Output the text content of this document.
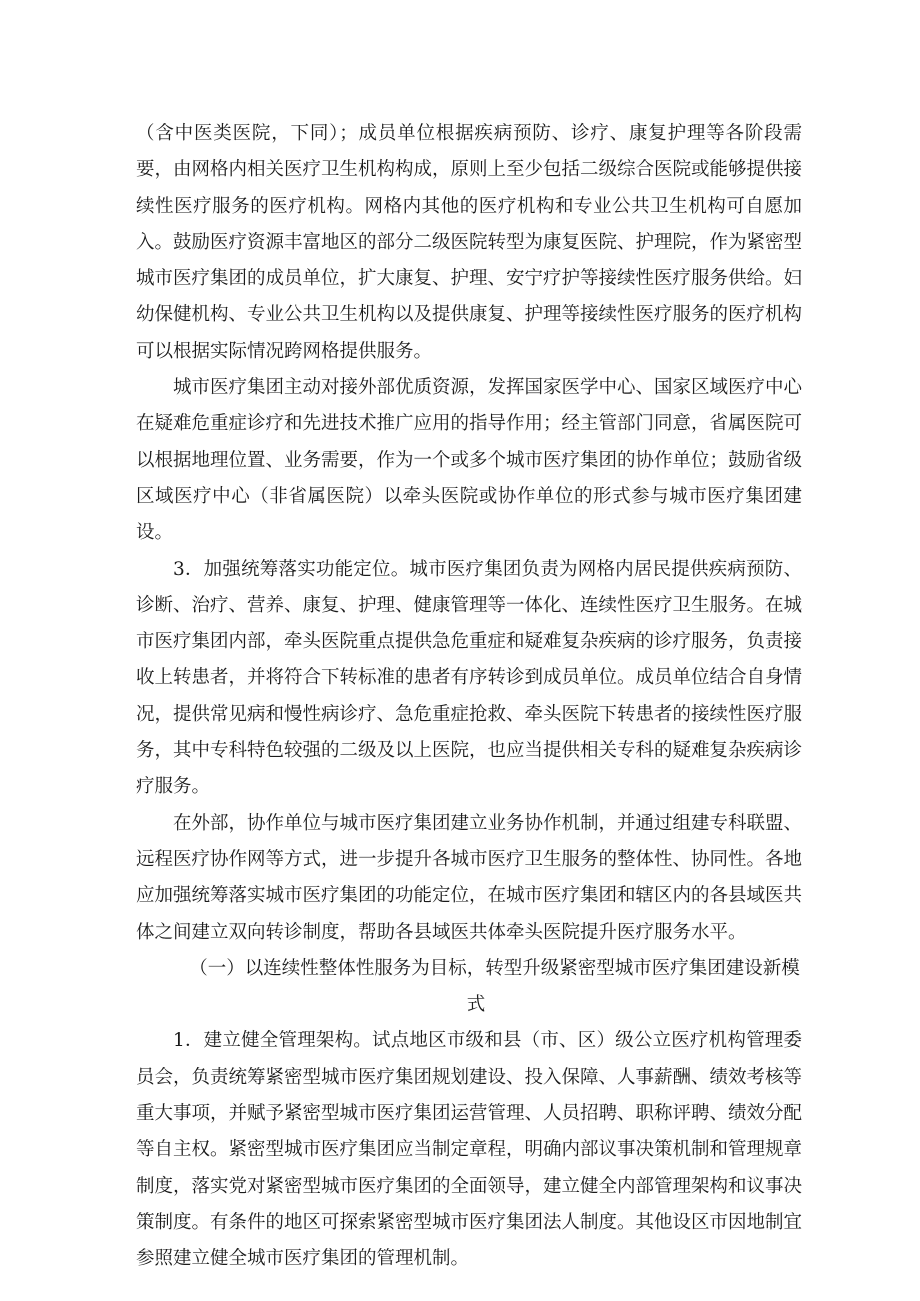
（含中医类医院，下同）；成员单位根据疾病预防、诊疗、康复护理等各阶段需要，由网格内相关医疗卫生机构构成，原则上至少包括二级综合医院或能够提供接续性医疗服务的医疗机构。网格内其他的医疗机构和专业公共卫生机构可自愿加入。鼓励医疗资源丰富地区的部分二级医院转型为康复医院、护理院，作为紧密型城市医疗集团的成员单位，扩大康复、护理、安宁疗护等接续性医疗服务供给。妇幼保健机构、专业公共卫生机构以及提供康复、护理等接续性医疗服务的医疗机构可以根据实际情况跨网格提供服务。

城市医疗集团主动对接外部优质资源，发挥国家医学中心、国家区域医疗中心在疑难危重症诊疗和先进技术推广应用的指导作用；经主管部门同意，省属医院可以根据地理位置、业务需要，作为一个或多个城市医疗集团的协作单位；鼓励省级区域医疗中心（非省属医院）以牵头医院或协作单位的形式参与城市医疗集团建设。

3．加强统筹落实功能定位。城市医疗集团负责为网格内居民提供疾病预防、诊断、治疗、营养、康复、护理、健康管理等一体化、连续性医疗卫生服务。在城市医疗集团内部，牵头医院重点提供急危重症和疑难复杂疾病的诊疗服务，负责接收上转患者，并将符合下转标准的患者有序转诊到成员单位。成员单位结合自身情况，提供常见病和慢性病诊疗、急危重症抢救、牵头医院下转患者的接续性医疗服务，其中专科特色较强的二级及以上医院，也应当提供相关专科的疑难复杂疾病诊疗服务。

在外部，协作单位与城市医疗集团建立业务协作机制，并通过组建专科联盟、远程医疗协作网等方式，进一步提升各城市医疗卫生服务的整体性、协同性。各地应加强统筹落实城市医疗集团的功能定位，在城市医疗集团和辖区内的各县域医共体之间建立双向转诊制度，帮助各县域医共体牵头医院提升医疗服务水平。

（一）以连续性整体性服务为目标，转型升级紧密型城市医疗集团建设新模式

1．建立健全管理架构。试点地区市级和县（市、区）级公立医疗机构管理委员会，负责统筹紧密型城市医疗集团规划建设、投入保障、人事薪酬、绩效考核等重大事项，并赋予紧密型城市医疗集团运营管理、人员招聘、职称评聘、绩效分配等自主权。紧密型城市医疗集团应当制定章程，明确内部议事决策机制和管理规章制度，落实党对紧密型城市医疗集团的全面领导，建立健全内部管理架构和议事决策制度。有条件的地区可探索紧密型城市医疗集团法人制度。其他设区市因地制宜参照建立健全城市医疗集团的管理机制。
